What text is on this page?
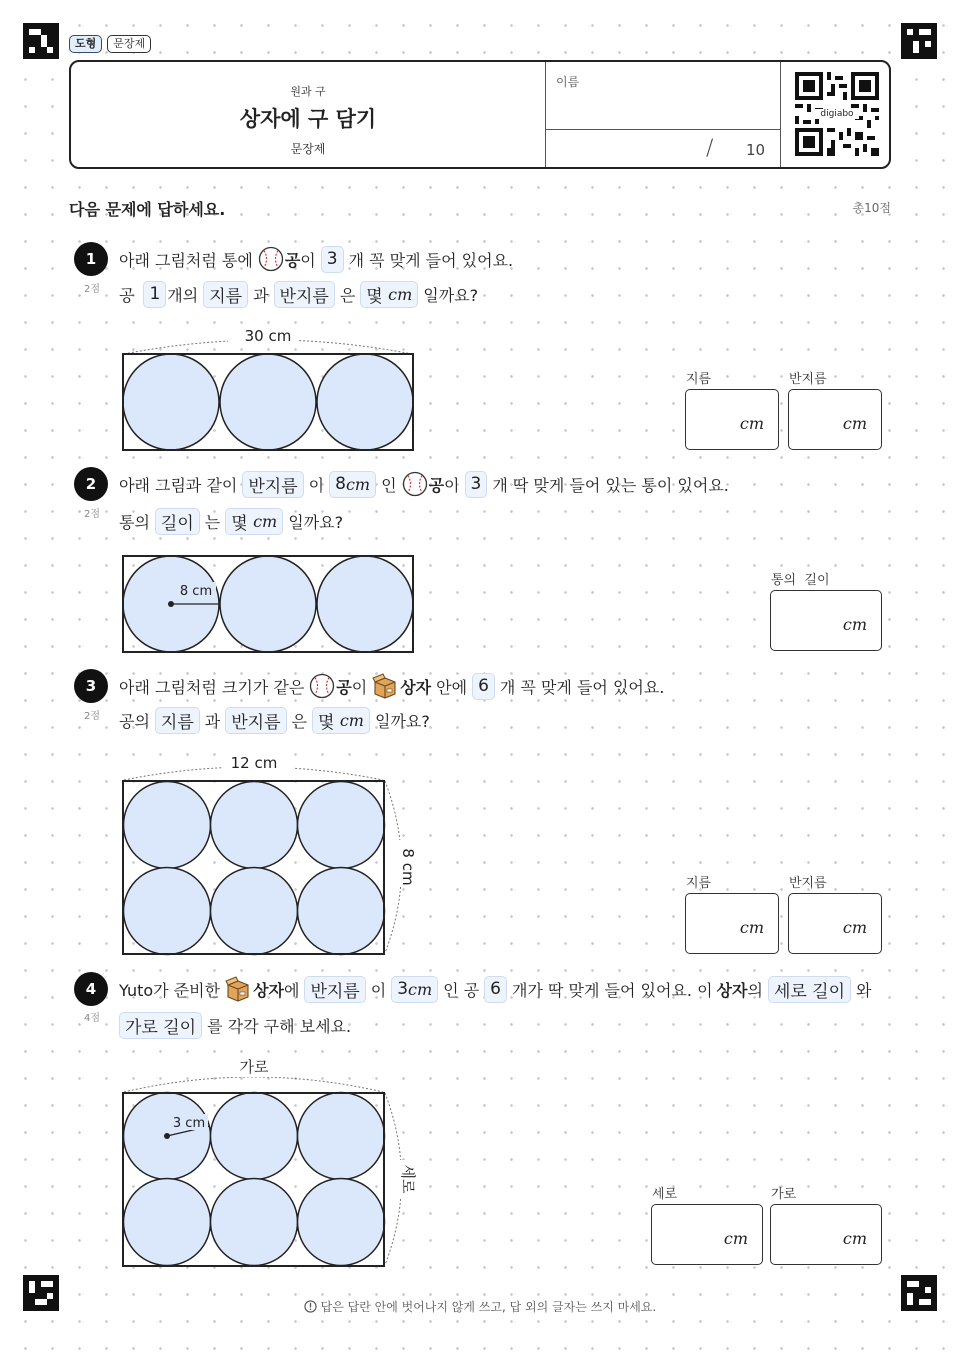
도형	문장제
원과 구
상자에 구 담기
문장제
이름
/ 10
digiabo
다음 문제에 답하세요.	총10점
1
2점
아래 그림처럼 통에 공 이 3 개 꼭 맞게 들어 있어요.
공 1 개의 지름 과 반지름 은 몇
cm 일까요?
30 cm
지름
cm
반지름
cm
2
2점
아래 그림과 같이 반지름 이 8 cm 인 공 이 3 개 딱 맞게 들어 있는 통이 있어요.
통의 길이 는 몇
cm 일까요?
8 cm
통의  길이
cm
3
2점
아래 그림처럼 크기가 같은 공 이 상자 안에 6 개 꼭 맞게 들어 있어요.
공의 지름 과 반지름 은 몇
cm 일까요?
12 cm
8 cm	지름
cm
반지름
cm
4
4점
Yuto가 준비한 상자 에 반지름 이 3 cm 인 공 6 개가 딱 맞게 들어 있어요. 이 상자 의 세로 길이 와
가로 길이 를 각각 구해 보세요.
가로
세로
3 cm
세로
cm
가로
cm
답은 답란 안에 벗어나지 않게 쓰고, 답 외의 글자는 쓰지 마세요.
